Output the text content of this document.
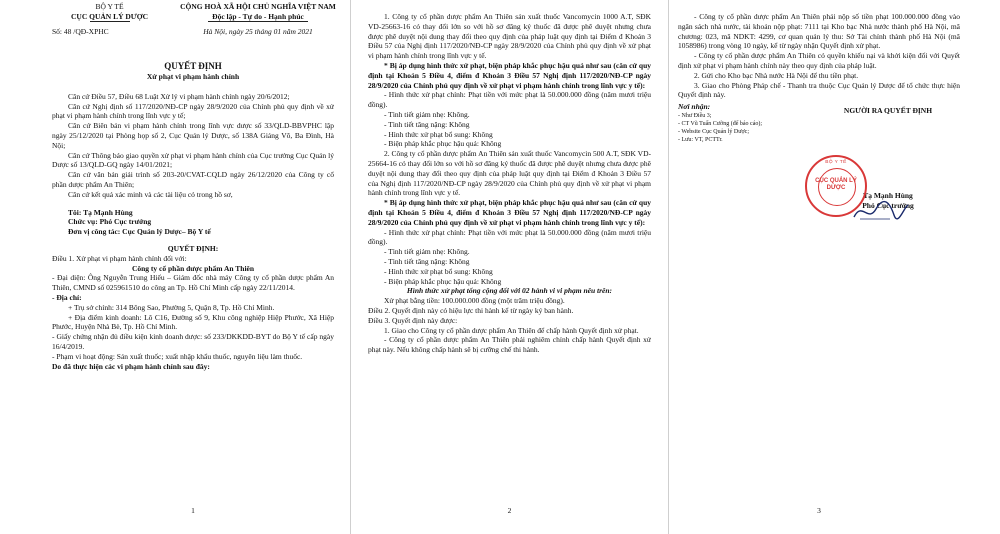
BỘ Y TẾ
CỤC QUẢN LÝ DƯỢC
Số: 48 /QĐ-XPHC
QUYẾT ĐỊNH
Xử phạt vi phạm hành chính
Căn cứ Điều 57, Điều 68 Luật Xử lý vi phạm hành chính ngày 20/6/2012;
Căn cứ Nghị định số 117/2020/NĐ-CP ngày 28/9/2020 của Chính phủ quy định về xử phạt vi phạm hành chính trong lĩnh vực y tế;
Căn cứ Biên bản vi phạm hành chính trong lĩnh vực dược số 33/QLD-BBVPHC lập ngày 25/12/2020 tại Phòng họp số 2, Cục Quản lý Dược, số 138A Giảng Võ, Ba Đình, Hà Nội;
Căn cứ Thông báo giao quyền xử phạt vi phạm hành chính của Cục trưởng Cục Quản lý Dược số 13/QLD-GQ ngày 14/01/2021;
Căn cứ văn bản giải trình số 203-20/CVAT-CQLD ngày 26/12/2020 của Công ty cổ phần dược phẩm An Thiên;
Căn cứ kết quả xác minh và các tài liệu có trong hồ sơ,
Tôi: Tạ Mạnh Hùng
Chức vụ: Phó Cục trưởng
Đơn vị công tác: Cục Quản lý Dược– Bộ Y tế
QUYẾT ĐỊNH:
Điều 1. Xử phạt vi phạm hành chính đối với:
Công ty cổ phần dược phẩm An Thiên
- Đại diện: Ông Nguyễn Trung Hiếu – Giám đốc nhà máy Công ty cổ phần dược phẩm An Thiên, CMND số 025961510 do công an Tp. Hồ Chí Minh cấp ngày 22/11/2014.
- Địa chỉ:
+ Trụ sở chính: 314 Bông Sao, Phường 5, Quận 8, Tp. Hồ Chí Minh.
+ Địa điểm kinh doanh: Lô C16, Đường số 9, Khu công nghiệp Hiệp Phước, Xã Hiệp Phước, Huyện Nhà Bè, Tp. Hồ Chí Minh.
- Giấy chứng nhận đủ điều kiện kinh doanh dược: số 233/DKKDD-BYT do Bộ Y tế cấp ngày 16/4/2019.
- Phạm vi hoạt động: Sản xuất thuốc; xuất nhập khẩu thuốc, nguyên liệu làm thuốc.
Do đã thực hiện các vi phạm hành chính sau đây:
1
CỘNG HOÀ XÃ HỘI CHỦ NGHĨA VIỆT NAM
Độc lập - Tự do - Hạnh phúc
Hà Nội, ngày 25 tháng 01 năm 2021
1. Công ty cổ phần dược phẩm An Thiên sản xuất thuốc Vancomycin 1000 A.T, SĐK VD-25663-16 có thay đổi lớn so với hồ sơ đăng ký thuốc đã được phê duyệt nhưng chưa được phê duyệt nội dung thay đổi theo quy định của pháp luật quy định tại Điểm đ Khoản 3 Điều 57 của Nghị định 117/2020/NĐ-CP ngày 28/9/2020 của Chính phủ quy định về xử phạt vi phạm hành chính trong lĩnh vực y tế.
* Bị áp dụng hình thức xử phạt, biện pháp khắc phục hậu quả như sau (căn cứ quy định tại Khoản 5 Điều 4, điểm đ Khoản 3 Điều 57 Nghị định 117/2020/NĐ-CP ngày 28/9/2020 của Chính phủ quy định về xử phạt vi phạm hành chính trong lĩnh vực y tế):
- Hình thức xử phạt chính: Phạt tiền với mức phạt là 50.000.000 đồng (năm mươi triệu đồng).
- Tình tiết giảm nhẹ: Không.
- Tình tiết tăng nặng: Không
- Hình thức xử phạt bổ sung: Không
- Biện pháp khắc phục hậu quả: Không
2. Công ty cổ phần dược phẩm An Thiên sản xuất thuốc Vancomycin 500 A.T, SĐK VD-25664-16 có thay đổi lớn so với hồ sơ đăng ký thuốc đã được phê duyệt nhưng chưa được phê duyệt nội dung thay đổi theo quy định của pháp luật quy định tại Điểm đ Khoản 3 Điều 57 của Nghị định 117/2020/NĐ-CP ngày 28/9/2020 của Chính phủ quy định về xử phạt vi phạm hành chính trong lĩnh vực y tế.
* Bị áp dụng hình thức xử phạt, biện pháp khắc phục hậu quả như sau (căn cứ quy định tại Khoản 5 Điều 4, điểm đ Khoản 3 Điều 57 Nghị định 117/2020/NĐ-CP ngày 28/9/2020 của Chính phủ quy định về xử phạt vi phạm hành chính trong lĩnh vực y tế):
- Hình thức xử phạt chính: Phạt tiền với mức phạt là 50.000.000 đồng (năm mươi triệu đồng).
- Tình tiết giảm nhẹ: Không.
- Tình tiết tăng nặng: Không
- Hình thức xử phạt bổ sung: Không
- Biện pháp khắc phục hậu quả: Không
Hình thức xử phạt tổng cộng đối với 02 hành vi vi phạm nêu trên:
Xử phạt bằng tiền: 100.000.000 đồng (một trăm triệu đồng).
Điều 2. Quyết định này có hiệu lực thi hành kể từ ngày ký ban hành.
Điều 3. Quyết định này được:
1. Giao cho Công ty cổ phần dược phẩm An Thiên để chấp hành Quyết định xử phạt.
- Công ty cổ phần dược phẩm An Thiên phải nghiêm chỉnh chấp hành Quyết định xử phạt này. Nếu không chấp hành sẽ bị cưỡng chế thi hành.
2
- Công ty cổ phần dược phẩm An Thiên phải nộp số tiền phạt 100.000.000 đồng vào ngân sách nhà nước, tài khoản nộp phạt: 7111 tại Kho bạc Nhà nước thành phố Hà Nội, mã chương: 023, mã NDKT: 4299, cơ quan quản lý thu: Sở Tài chính thành phố Hà Nội (mã 1058986) trong vòng 10 ngày, kể từ ngày nhận Quyết định xử phạt.
- Công ty cổ phần dược phẩm An Thiên có quyền khiếu nại và khởi kiện đối với Quyết định xử phạt vi phạm hành chính này theo quy định của pháp luật.
2. Gửi cho Kho bạc Nhà nước Hà Nội để thu tiền phạt.
3. Giao cho Phòng Pháp chế - Thanh tra thuộc Cục Quản lý Dược để tổ chức thực hiện Quyết định này.
Nơi nhận:
- Như Điều 3;
- CT Vũ Tuấn Cường (để báo cáo);
- Website Cục Quản lý Dược;
- Lưu: VT, PCTTr.
NGƯỜI RA QUYẾT ĐỊNH
Tạ Mạnh Hùng
Phó Cục trưởng
3
BỘ Y TẾ
CỤC QUẢN LÝ DƯỢC
